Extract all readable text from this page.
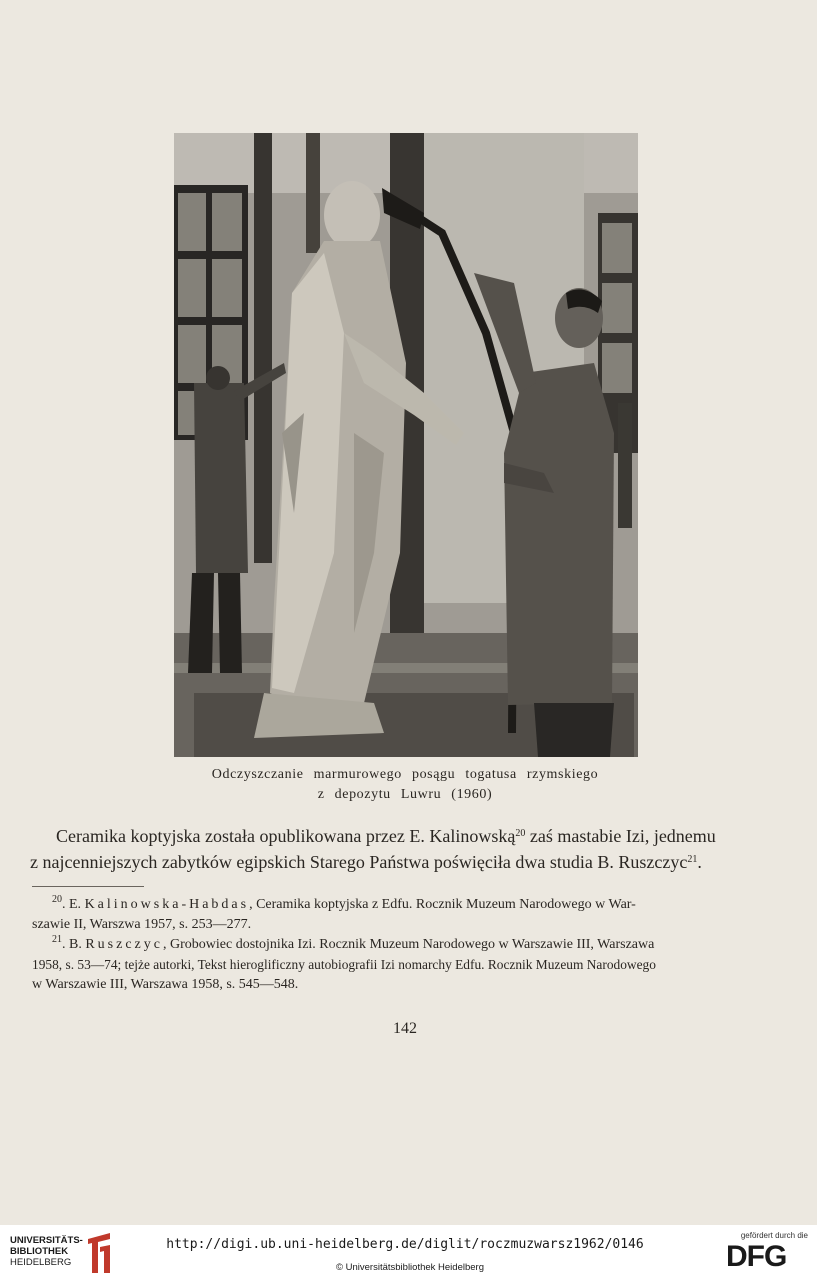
Odczyszczanie marmurowego posągu togatusa rzymskiego
z depozytu Luwru (1960)
Ceramika koptyjska została opublikowana przez E. Kalinowską$^{20}$ zaś mastabie Izi, jednemu
z najcenniejszych zabytków egipskich Starego Państwa poświęciła dwa studia B. Ruszczyc$^{21}$.
$^{20}$. E. Kalinowska-Habdas, Ceramika koptyjska z Edfu. Rocznik Muzeum Narodowego w War-
szawie II, Warszwa 1957, s. 253—277.
$^{21}$. B. Ruszczyc, Grobowiec dostojnika Izi. Rocznik Muzeum Narodowego w Warszawie III, Warszawa
1958, s. 53—74; tejże autorki, Tekst hieroglificzny autobiografii Izi nomarchy Edfu. Rocznik Muzeum Narodowego
w Warszawie III, Warszawa 1958, s. 545—548.
142
UNIVERSITÄTS-
BIBLIOTHEK
HEIDELBERG
http://digi.ub.uni-heidelberg.de/diglit/roczmuzwarsz1962/0146
© Universitätsbibliothek Heidelberg
gefördert durch die
DFG
